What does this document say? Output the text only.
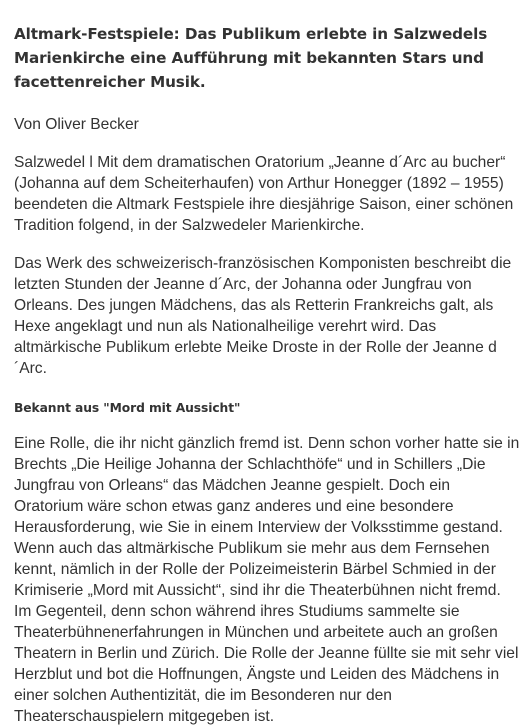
Altmark-Festspiele: Das Publikum erlebte in Salzwedels Marienkirche eine Aufführung mit bekannten Stars und facettenreicher Musik.

Von Oliver Becker

Salzwedel l Mit dem dramatischen Oratorium „Jeanne d´Arc au bucher“ (Johanna auf dem Scheiterhaufen) von Arthur Honegger (1892 – 1955) beendeten die Altmark Festspiele ihre diesjährige Saison, einer schönen Tradition folgend, in der Salzwedeler Marienkirche.

Das Werk des schweizerisch-französischen Komponisten beschreibt die letzten Stunden der Jeanne d´Arc, der Johanna oder Jungfrau von Orleans. Des jungen Mädchens, das als Retterin Frankreichs galt, als Hexe angeklagt und nun als Nationalheilige verehrt wird. Das altmärkische Publikum erlebte Meike Droste in der Rolle der Jeanne d´Arc.

Bekannt aus "Mord mit Aussicht"

Eine Rolle, die ihr nicht gänzlich fremd ist. Denn schon vorher hatte sie in Brechts „Die Heilige Johanna der Schlachthöfe“ und in Schillers „Die Jungfrau von Orleans“ das Mädchen Jeanne gespielt. Doch ein Oratorium wäre schon etwas ganz anderes und eine besondere Herausforderung, wie Sie in einem Interview der Volksstimme gestand. Wenn auch das altmärkische Publikum sie mehr aus dem Fernsehen kennt, nämlich in der Rolle der Polizeimeisterin Bärbel Schmied in der Krimiserie „Mord mit Aussicht“, sind ihr die Theaterbühnen nicht fremd. Im Gegenteil, denn schon während ihres Studiums sammelte sie Theaterbühnenerfahrungen in München und arbeitete auch an großen Theatern in Berlin und Zürich. Die Rolle der Jeanne füllte sie mit sehr viel Herzblut und bot die Hoffnungen, Ängste und Leiden des Mädchens in einer solchen Authentizität, die im Besonderen nur den Theaterschauspielern mitgegeben ist.
